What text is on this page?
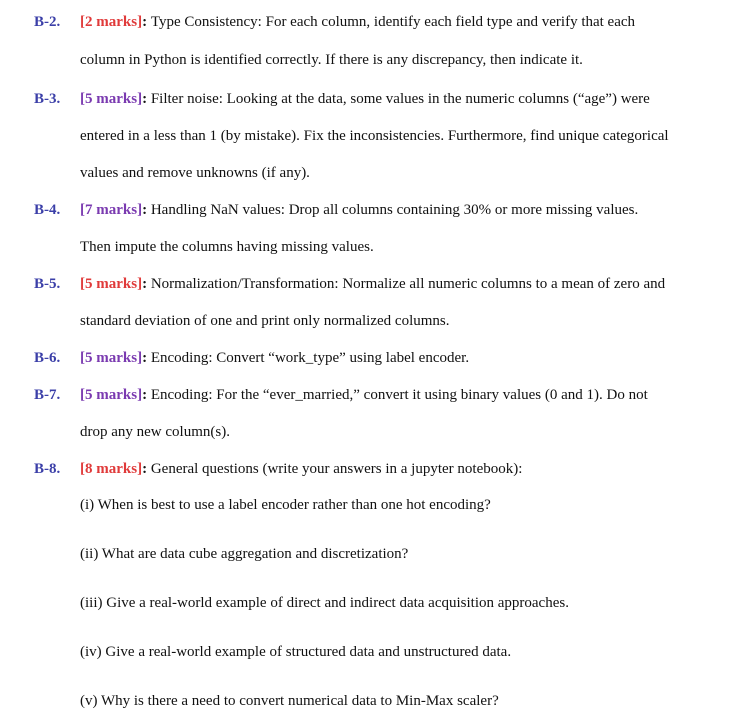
B-2. [2 marks]: Type Consistency: For each column, identify each field type and verify that each
column in Python is identified correctly. If there is any discrepancy, then indicate it.
B-3. [5 marks]: Filter noise: Looking at the data, some values in the numeric columns (“age”) were
entered in a less than 1 (by mistake). Fix the inconsistencies. Furthermore, find unique categorical
values and remove unknowns (if any).
B-4. [7 marks]: Handling NaN values: Drop all columns containing 30% or more missing values.
Then impute the columns having missing values.
B-5. [5 marks]: Normalization/Transformation: Normalize all numeric columns to a mean of zero and
standard deviation of one and print only normalized columns.
B-6. [5 marks]: Encoding: Convert “work_type” using label encoder.
B-7. [5 marks]: Encoding: For the “ever_married,” convert it using binary values (0 and 1). Do not
drop any new column(s).
B-8. [8 marks]: General questions (write your answers in a jupyter notebook):
(i) When is best to use a label encoder rather than one hot encoding?
(ii) What are data cube aggregation and discretization?
(iii) Give a real-world example of direct and indirect data acquisition approaches.
(iv) Give a real-world example of structured data and unstructured data.
(v) Why is there a need to convert numerical data to Min-Max scaler?
